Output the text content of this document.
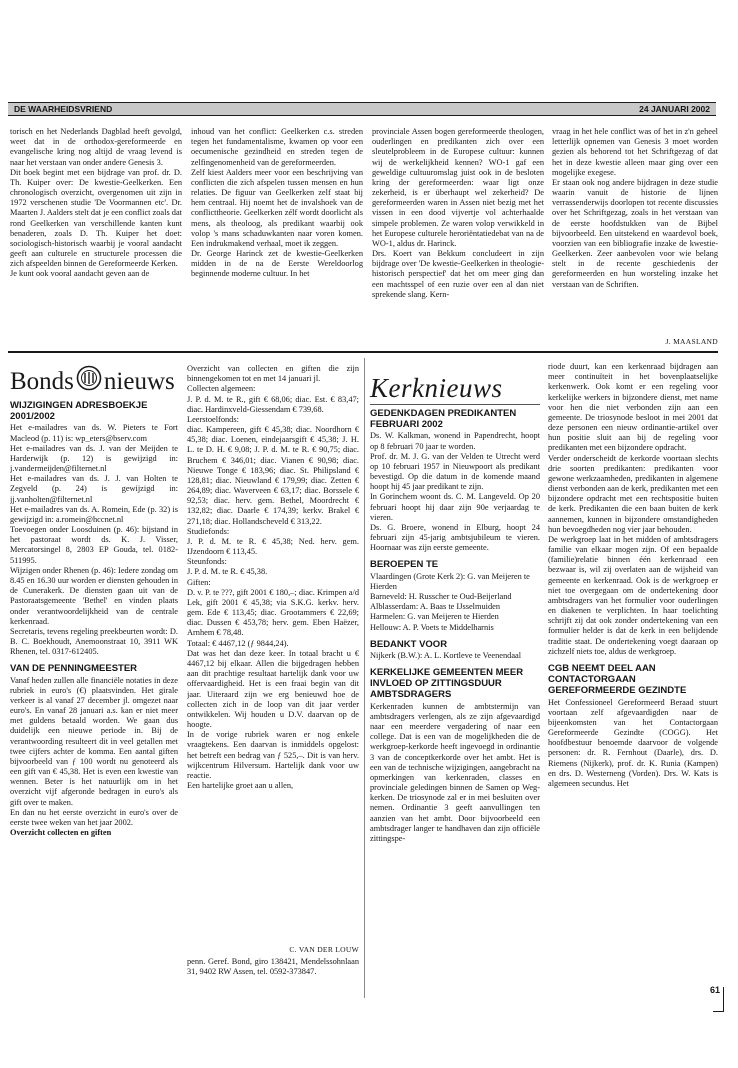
DE WAARHEIDSVRIEND	24 JANUARI 2002

torisch en het Nederlands Dagblad heeft gevolgd, weet dat in de orthodox-gereformeerde en evangelische kring nog altijd de vraag levend is naar het verstaan van onder andere Genesis 3.
Dit boek begint met een bijdrage van prof. dr. D. Th. Kuiper over: De kwestie-Geelkerken. Een chronologisch overzicht, overgenomen uit zijn in 1972 verschenen studie 'De Voormannen etc'. Dr. Maarten J. Aalders stelt dat je een conflict zoals dat rond Geelkerken van verschillende kanten kunt benaderen, zoals D. Th. Kuiper het doet: sociologisch-historisch waarbij je vooral aandacht geeft aan culturele en structurele processen die zich afspeelden binnen de Gereformeerde Kerken.
Je kunt ook vooral aandacht geven aan de

inhoud van het conflict: Geelkerken c.s. streden tegen het fundamentalisme, kwamen op voor een oecumenische gezindheid en streden tegen de zelfingenomenheid van de gereformeerden.
Zelf kiest Aalders meer voor een beschrijving van conflicten die zich afspelen tussen mensen en hun relaties. De figuur van Geelkerken zelf staat bij hem centraal. Hij noemt het de invalshoek van de conflicttheorie. Geelkerken zélf wordt doorlicht als mens, als theoloog, als predikant waarbij ook volop 's mans schaduwkanten naar voren komen. Een indrukmakend verhaal, moet ik zeggen.
Dr. George Harinck zet de kwestie-Geelkerken midden in de na de Eerste Wereldoorlog beginnende moderne cultuur. In het

provinciale Assen bogen gereformeerde theologen, ouderlingen en predikanten zich over een sleutelprobleem in de Europese cultuur: kunnen wij de werkelijkheid kennen? WO-1 gaf een geweldige cultuuromslag juist ook in de besloten kring der gereformeerden: waar ligt onze zekerheid, is er überhaupt wel zekerheid? De gereformeerden waren in Assen niet bezig met het vissen in een dood vijvertje vol achterhaalde simpele problemen. Ze waren volop verwikkeld in het Europese culturele heroriëntatiedebat van na de WO-1, aldus dr. Harinck.
Drs. Koert van Bekkum concludeert in zijn bijdrage over 'De kwestie-Geelkerken in theologie-historisch perspectief' dat het om meer ging dan een machtsspel of een ruzie over een al dan niet sprekende slang. Kern-

vraag in het hele conflict was of het in z'n geheel letterlijk opnemen van Genesis 3 moet worden gezien als behorend tot het Schriftgezag of dat het in deze kwestie alleen maar ging over een mogelijke exegese.
Er staan ook nog andere bijdragen in deze studie waarin vanuit de historie de lijnen verrassenderwijs doorlopen tot recente discussies over het Schriftgezag, zoals in het verstaan van de eerste hoofdstukken van de Bijbel bijvoorbeeld. Een uitstekend en waardevol boek, voorzien van een bibliografie inzake de kwestie-Geelkerken. Zeer aanbevolen voor wie belang stelt in de recente geschiedenis der gereformeerden en hun worsteling inzake het verstaan van de Schriften.

J. MAASLAND
Bonds nieuws
WIJZIGINGEN ADRESBOEKJE 2001/2002

Het e-mailadres van ds. W. Pieters te Fort Macleod (p. 11) is: wp_eters@bserv.com
Het e-mailadres van ds. J. van der Meijden te Harderwijk (p. 12) is gewijzigd in: j.vandermeijden@filternet.nl
Het e-mailadres van ds. J. J. van Holten te Zegveld (p. 24) is gewijzigd in: jj.vanholten@filternet.nl
Het e-mailadres van ds. A. Romein, Ede (p. 32) is gewijzigd in: a.romein@hccnet.nl
Toevoegen onder Loosduinen (p. 46): bijstand in het pastoraat wordt ds. K. J. Visser, Mercatorsingel 8, 2803 EP Gouda, tel. 0182-511995.
Wijzigen onder Rhenen (p. 46): Iedere zondag om 8.45 en 16.30 uur worden er diensten gehouden in de Cunerakerk. De diensten gaan uit van de Pastoraatsgemeente 'Bethel' en vinden plaats onder verantwoordelijkheid van de centrale kerkenraad.
Secretaris, tevens regeling preekbeurten wordt: D. B. C. Boekhoudt, Anemoonstraat 10, 3911 WK Rhenen, tel. 0317-612405.

VAN DE PENNINGMEESTER

Vanaf heden zullen alle financiële notaties in deze rubriek in euro's (€) plaatsvinden. Het girale verkeer is al vanaf 27 december jl. omgezet naar euro's. En vanaf 28 januari a.s. kan er niet meer met guldens betaald worden. We gaan dus duidelijk een nieuwe periode in. Bij de verantwoording resulteert dit in veel getallen met twee cijfers achter de komma. Een aantal giften bijvoorbeeld van ƒ 100 wordt nu genoteerd als een gift van € 45,38. Het is even een kwestie van wennen. Beter is het natuurlijk om in het overzicht vijf afgeronde bedragen in euro's als gift over te maken.
En dan nu het eerste overzicht in euro's over de eerste twee weken van het jaar 2002.

Overzicht collecten en giften

Overzicht van collecten en giften die zijn binnengekomen tot en met 14 januari jl.
Collecten algemeen:
J. P. d. M. te R., gift € 68,06; diac. Est. € 83,47; diac. Hardinxveld-Giessendam € 739,68.
Leerstoelfonds:
diac. Kampereen, gift € 45,38; diac. Noordhorn € 45,38; diac. Loenen, eindejaarsgift € 45,38; J. H. L. te D. H. € 9,08; J. P. d. M. te R. € 90,75; diac. Bruchem € 346,01; diac. Vianen € 90,98; diac. Nieuwe Tonge € 183,96; diac. St. Philipsland € 128,81; diac. Nieuwland € 179,99; diac. Zetten € 264,89; diac. Waverveen € 63,17; diac. Borssele € 92,53; diac. herv. gem. Bethel, Moordrecht € 132,82; diac. Daarle € 174,39; kerkv. Brakel € 271,18; diac. Hollandscheveld € 313,22.
Studiefonds:
J. P. d. M. te R. € 45,38; Ned. herv. gem. IJzendoorn € 113,45.
Steunfonds:
J. P. d. M. te R. € 45,38.
Giften:
D. v. P. te ???, gift 2001 € 180,–; diac. Krimpen a/d Lek, gift 2001 € 45,38; via S.K.G. kerkv. herv. gem. Ede € 113,45; diac. Grootammers € 22,69; diac. Dussen € 453,78; herv. gem. Eben Haëzer, Arnhem € 78,48.
Totaal: € 4467,12 (ƒ 9844,24).
Dat was het dan deze keer. In totaal bracht u € 4467,12 bij elkaar. Allen die bijgedragen hebben aan dit prachtige resultaat hartelijk dank voor uw offervaardigheid. Het is een fraai begin van dit jaar. Uiteraard zijn we erg benieuwd hoe de collecten zich in de loop van dit jaar verder ontwikkelen. Wij houden u D.V. daarvan op de hoogte.
In de vorige rubriek waren er nog enkele vraagtekens. Een daarvan is inmiddels opgelost: het betreft een bedrag van ƒ 525,–. Dit is van herv. wijkcentrum Hilversum. Hartelijk dank voor uw reactie.
Een hartelijke groet aan u allen,

C. VAN DER LOUW

penn. Geref. Bond, giro 138421, Mendelssohnlaan 31, 9402 RW Assen, tel. 0592-373847.

Kerknieuws
GEDENKDAGEN PREDIKANTEN FEBRUARI 2002

Ds. W. Kalkman, wonend in Papendrecht, hoopt op 8 februari 70 jaar te worden.
Prof. dr. M. J. G. van der Velden te Utrecht werd op 10 februari 1957 in Nieuwpoort als predikant bevestigd. Op die datum in de komende maand hoopt hij 45 jaar predikant te zijn.
In Gorinchem woont ds. C. M. Langeveld. Op 20 februari hoopt hij daar zijn 90e verjaardag te vieren.
Ds. G. Broere, wonend in Elburg, hoopt 24 februari zijn 45-jarig ambtsjubileum te vieren. Hoornaar was zijn eerste gemeente.

BEROEPEN TE

Vlaardingen (Grote Kerk 2): G. van Meijeren te Hierden
Barneveld: H. Russcher te Oud-Beijerland
Alblasserdam: A. Baas te IJsselmuiden
Harmelen: G. van Meijeren te Hierden
Hellouw: A. P. Voets te Middelharnis

BEDANKT VOOR

Nijkerk (B.W.): A. L. Kortleve te Veenendaal

KERKELIJKE GEMEENTEN MEER INVLOED OP ZITTINGSDUUR AMBTSDRAGERS

Kerkenraden kunnen de ambtstermijn van ambtsdragers verlengen, als ze zijn afgevaardigd naar een meerdere vergadering of naar een college. Dat is een van de mogelijkheden die de werkgroep-kerkorde heeft ingevoegd in ordinantie 3 van de conceptkerkorde over het ambt. Het is een van de technische wijzigingen, aangebracht na opmerkingen van kerkenraden, classes en provinciale geledingen binnen de Samen op Weg-kerken. De triosynode zal er in mei besluiten over nemen. Ordinantie 3 geeft aanvullingen ten aanzien van het ambt. Door bijvoorbeeld een ambtsdrager langer te handhaven dan zijn officiële zittingspe-

riode duurt, kan een kerkenraad bijdragen aan meer continuïteit in het bovenplaatselijke kerkenwerk. Ook komt er een regeling voor kerkelijke werkers in bijzondere dienst, met name voor hen die niet verbonden zijn aan een gemeente. De triosynode besloot in mei 2001 dat deze personen een nieuw ordinantie-artikel over hun positie sluit aan bij de regeling voor predikanten met een bijzondere opdracht.
Verder onderscheidt de kerkorde voortaan slechts drie soorten predikanten: predikanten voor gewone werkzaamheden, predikanten in algemene dienst verbonden aan de kerk, predikanten met een bijzondere opdracht met een rechtspositie buiten de kerk. Predikanten die een baan buiten de kerk aannemen, kunnen in bijzondere omstandigheden hun bevoegdheden nog vier jaar behouden.
De werkgroep laat in het midden of ambtsdragers familie van elkaar mogen zijn. Of een bepaalde (familie)relatie binnen één kerkenraad een bezwaar is, wil zij overlaten aan de wijsheid van gemeente en kerkenraad. Ook is de werkgroep er niet toe overgegaan om de ondertekening door ambtsdragers van het formulier voor ouderlingen en diakenen te verplichten. In haar toelichting schrijft zij dat ook zonder ondertekening van een formulier helder is dat de kerk in een belijdende traditie staat. De ondertekening voegt daaraan op zichzelf niets toe, aldus de werkgroep.

CGB NEEMT DEEL AAN CONTACTORGAAN GEREFORMEERDE GEZINDTE

Het Confessioneel Gereformeerd Beraad stuurt voortaan zelf afgevaardigden naar de bijeenkomsten van het Contactorgaan Gereformeerde Gezindte (COGG). Het hoofdbestuur benoemde daarvoor de volgende personen: dr. R. Fernhout (Daarle), drs. D. Riemens (Nijkerk), prof. dr. K. Runia (Kampen) en drs. D. Westerneng (Vorden). Drs. W. Kats is algemeen secundus. Het

61
